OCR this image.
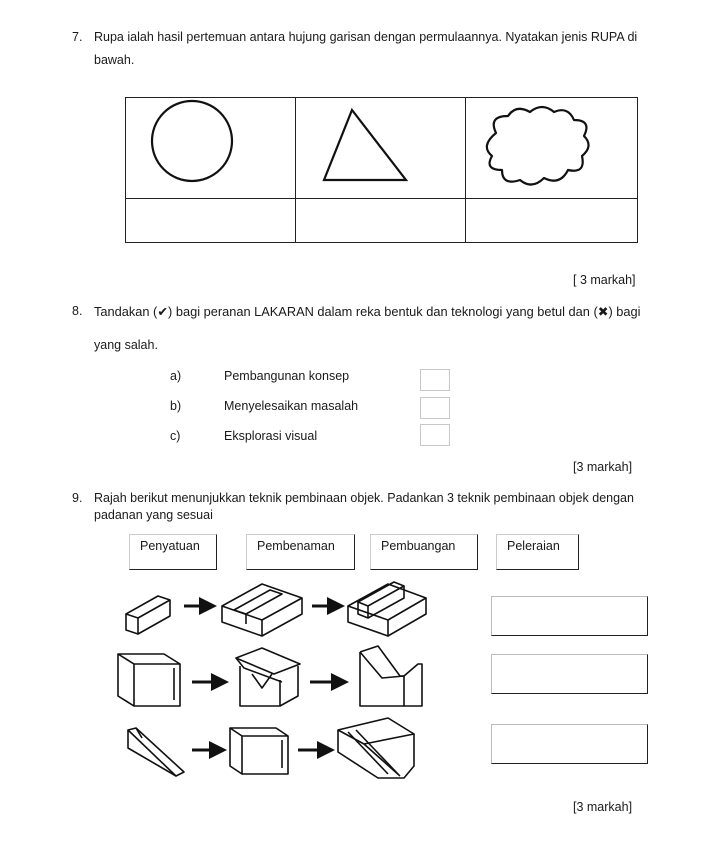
7. Rupa ialah hasil pertemuan antara hujung garisan dengan permulaannya. Nyatakan jenis RUPA di
bawah.

[ 3 markah]
8. Tandakan (✔) bagi peranan LAKARAN dalam reka bentuk dan teknologi yang betul dan (✖) bagi
yang salah.
a)	Pembangunan konsep
b)	Menyelesaikan masalah
c)	Eksplorasi visual
[3 markah]
9. Rajah berikut menunjukkan teknik pembinaan objek. Padankan 3 teknik pembinaan objek dengan
padanan yang sesuai
Penyatuan	Pembenaman	Pembuangan	Peleraian
[3 markah]
